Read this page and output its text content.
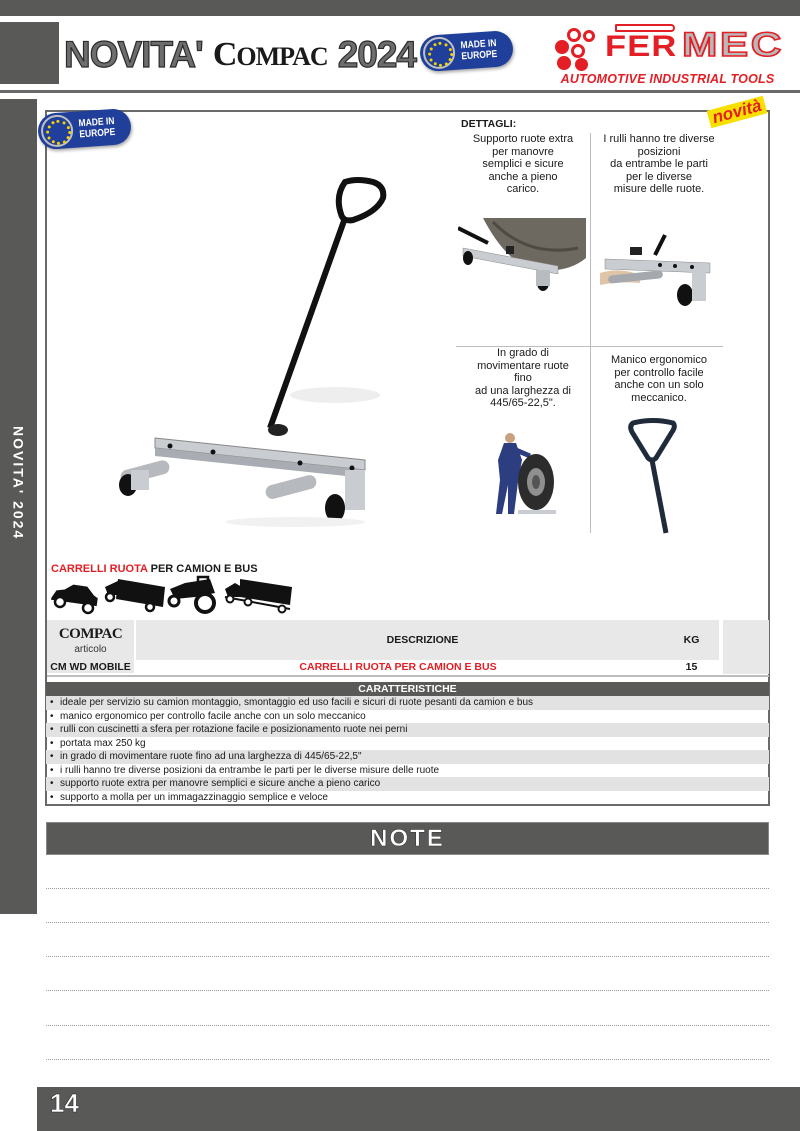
NOVITA' C OMPAC 2024	MADE IN
EUROPE	FER MEC
AUTOMOTIVE INDUSTRIAL TOOLS
NOVITA' 2024
MADE IN
EUROPE
novità
DETTAGLI:
Supporto ruote extra
per manovre
semplici e sicure
anche a pieno
carico.
I rulli hanno tre diverse
posizioni
da entrambe le parti
per le diverse
misure delle ruote.
In grado di
movimentare ruote
fino
ad una larghezza di
445/65-22,5".
Manico ergonomico
per controllo facile
anche con un solo
meccanico.
CARRELLI RUOTA PER CAMION E BUS
COMPAC
articolo
DESCRIZIONE	KG
CM WD MOBILE	CARRELLI RUOTA PER CAMION E BUS	15
CARATTERISTICHE
• ideale per servizio su camion montaggio, smontaggio ed uso facili e sicuri di ruote pesanti da camion e bus
• manico ergonomico per controllo facile anche con un solo meccanico
• rulli con cuscinetti a sfera per rotazione facile e posizionamento ruote nei perni
• portata max 250 kg
• in grado di movimentare ruote fino ad una larghezza di 445/65-22,5"
• i rulli hanno tre diverse posizioni da entrambe le parti per le diverse misure delle ruote
• supporto ruote extra per manovre semplici e sicure anche a pieno carico
• supporto a molla per un immagazzinaggio semplice e veloce
NOTE
14
